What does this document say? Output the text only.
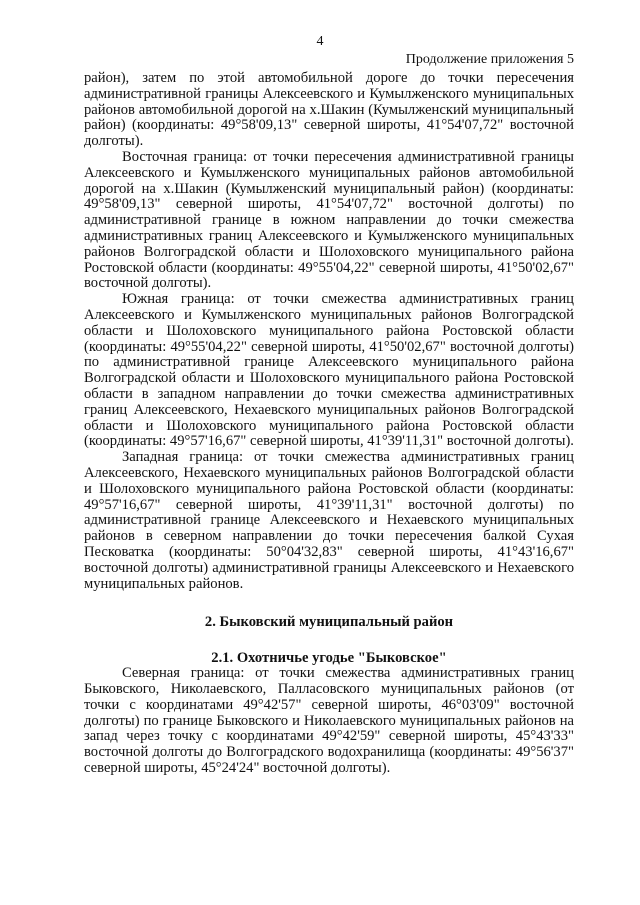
4
Продолжение приложения 5

район), затем по этой автомобильной дороге до точки пересечения административной границы Алексеевского и Кумылженского муниципальных районов автомобильной дорогой на х.Шакин (Кумылженский муниципальный район) (координаты: 49°58'09,13" северной широты, 41°54'07,72" восточной долготы).

Восточная граница: от точки пересечения административной границы Алексеевского и Кумылженского муниципальных районов автомобильной дорогой на х.Шакин (Кумылженский муниципальный район) (координаты: 49°58'09,13" северной широты, 41°54'07,72" восточной долготы) по административной границе в южном направлении до точки смежества административных границ Алексеевского и Кумылженского муниципальных районов Волгоградской области и Шолоховского муниципального района Ростовской области (координаты: 49°55'04,22" северной широты, 41°50'02,67" восточной долготы).

Южная граница: от точки смежества административных границ Алексеевского и Кумылженского муниципальных районов Волгоградской области и Шолоховского муниципального района Ростовской области (координаты: 49°55'04,22" северной широты, 41°50'02,67" восточной долготы) по административной границе Алексеевского муниципального района Волгоградской области и Шолоховского муниципального района Ростовской области в западном направлении до точки смежества административных границ Алексеевского, Нехаевского муниципальных районов Волгоградской области и Шолоховского муниципального района Ростовской области (координаты: 49°57'16,67" северной широты, 41°39'11,31" восточной долготы).

Западная граница: от точки смежества административных границ Алексеевского, Нехаевского муниципальных районов Волгоградской области и Шолоховского муниципального района Ростовской области (координаты: 49°57'16,67" северной широты, 41°39'11,31" восточной долготы) по административной границе Алексеевского и Нехаевского муниципальных районов в северном направлении до точки пересечения балкой Сухая Песковатка (координаты: 50°04'32,83" северной широты, 41°43'16,67" восточной долготы) административной границы Алексеевского и Нехаевского муниципальных районов.

2. Быковский муниципальный район
2.1. Охотничье угодье "Быковское"

Северная граница: от точки смежества административных границ Быковского, Николаевского, Палласовского муниципальных районов (от точки с координатами 49°42'57" северной широты, 46°03'09" восточной долготы) по границе Быковского и Николаевского муниципальных районов на запад через точку с координатами 49°42'59" северной широты, 45°43'33" восточной долготы до Волгоградского водохранилища (координаты: 49°56'37" северной широты, 45°24'24" восточной долготы).
